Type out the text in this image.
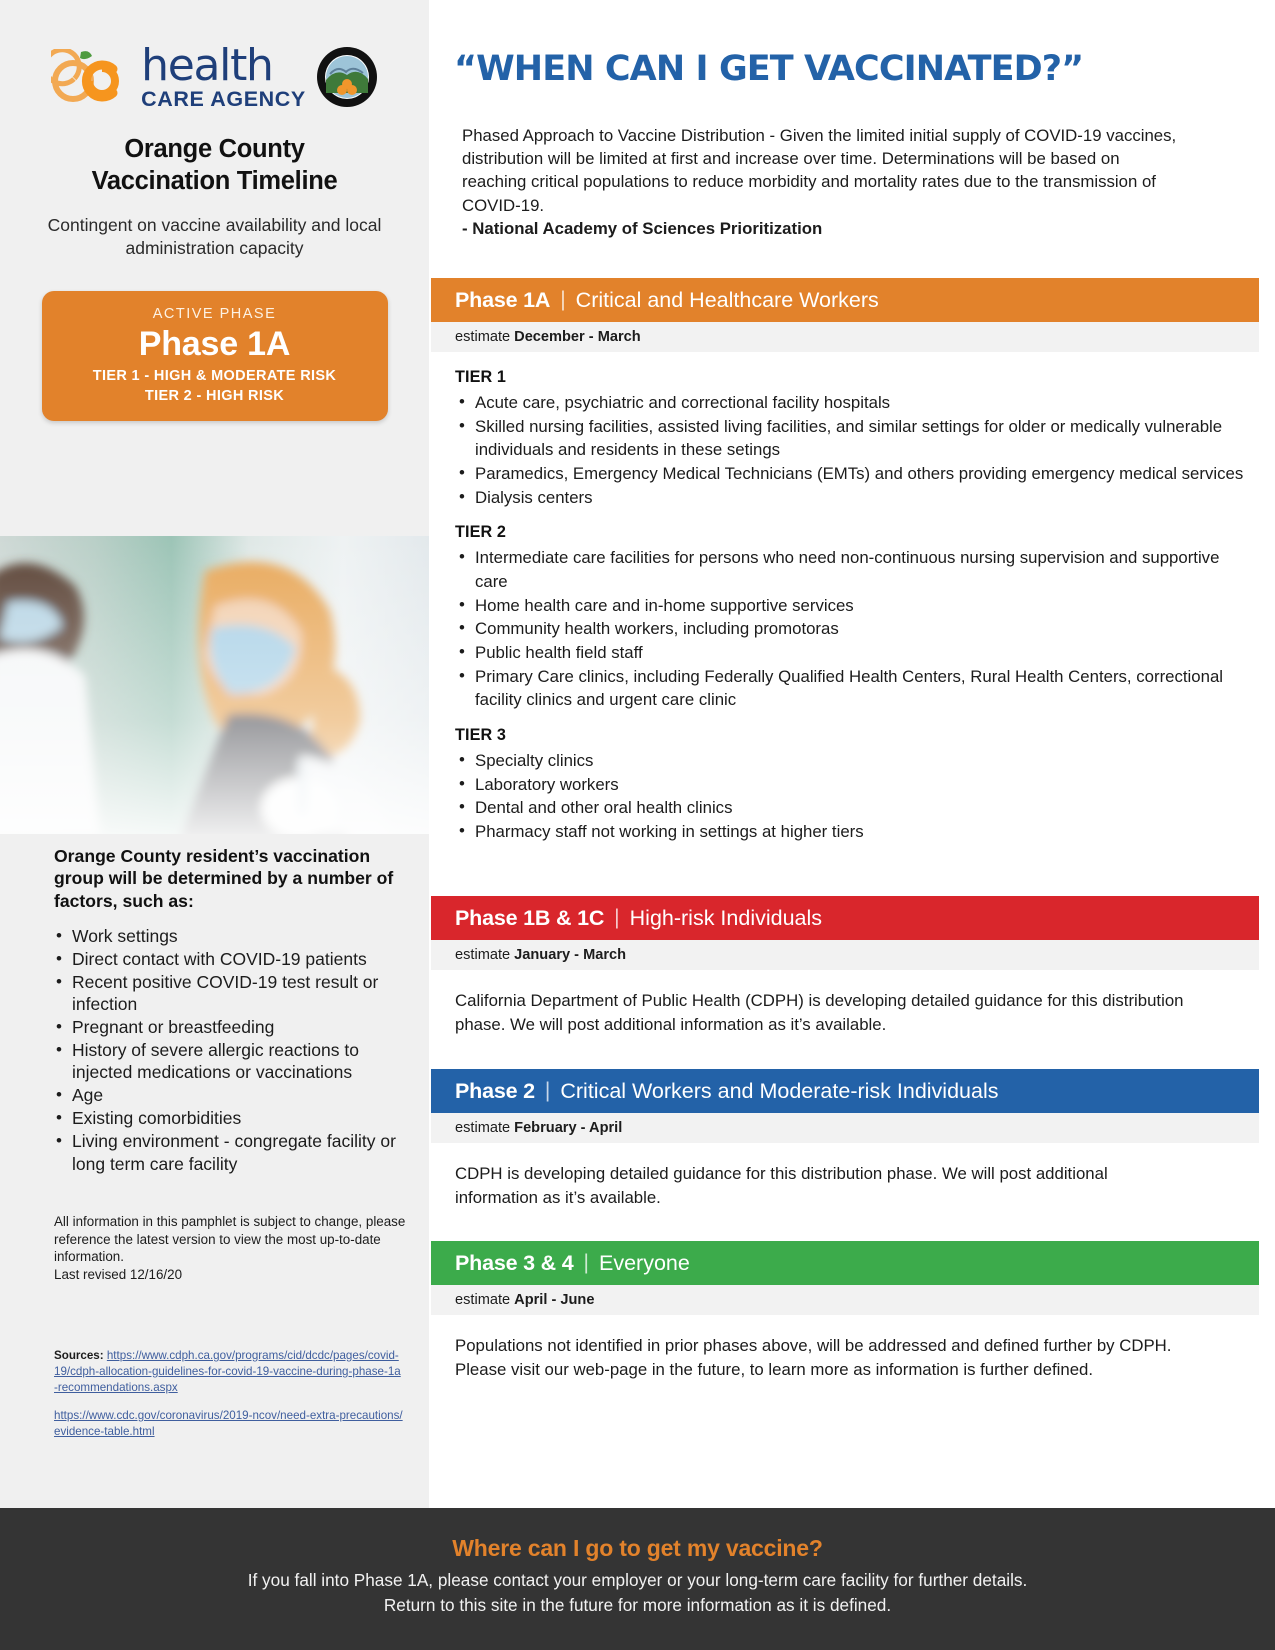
health
CARE AGENCY
Orange County
Vaccination Timeline
Contingent on vaccine availability and local administration capacity
ACTIVE PHASE
Phase 1A
TIER 1 - HIGH & MODERATE RISK
TIER 2 - HIGH RISK
Orange County resident’s vaccination group will be determined by a number of factors, such as:
• Work settings
• Direct contact with COVID-19 patients
• Recent positive COVID-19 test result or infection
• Pregnant or breastfeeding
• History of severe allergic reactions to injected medications or vaccinations
• Age
• Existing comorbidities
• Living environment - congregate facility or long term care facility
All information in this pamphlet is subject to change, please reference the latest version to view the most up-to-date information.
Last revised 12/16/20
Sources: https://www.cdph.ca.gov/programs/cid/dcdc/pages/covid-19/cdph-allocation-guidelines-for-covid-19-vaccine-during-phase-1a-recommendations.aspx
https://www.cdc.gov/coronavirus/2019-ncov/need-extra-precautions/evidence-table.html
“WHEN CAN I GET VACCINATED?”
Phased Approach to Vaccine Distribution - Given the limited initial supply of COVID-19 vaccines, distribution will be limited at first and increase over time. Determinations will be based on reaching critical populations to reduce morbidity and mortality rates due to the transmission of COVID-19.
- National Academy of Sciences Prioritization
Phase 1A | Critical and Healthcare Workers
estimate December - March
TIER 1
• Acute care, psychiatric and correctional facility hospitals
• Skilled nursing facilities, assisted living facilities, and similar settings for older or medically vulnerable individuals and residents in these setings
• Paramedics, Emergency Medical Technicians (EMTs) and others providing emergency medical services
• Dialysis centers
TIER 2
• Intermediate care facilities for persons who need non-continuous nursing supervision and supportive care
• Home health care and in-home supportive services
• Community health workers, including promotoras
• Public health field staff
• Primary Care clinics, including Federally Qualified Health Centers, Rural Health Centers, correctional facility clinics and urgent care clinic
TIER 3
• Specialty clinics
• Laboratory workers
• Dental and other oral health clinics
• Pharmacy staff not working in settings at higher tiers
Phase 1B & 1C | High-risk Individuals
estimate January - March
California Department of Public Health (CDPH) is developing detailed guidance for this distribution phase. We will post additional information as it’s available.
Phase 2 | Critical Workers and Moderate-risk Individuals
estimate February - April
CDPH is developing detailed guidance for this distribution phase. We will post additional information as it’s available.
Phase 3 & 4 | Everyone
estimate April - June
Populations not identified in prior phases above, will be addressed and defined further by CDPH. Please visit our web-page in the future, to learn more as information is further defined.
Where can I go to get my vaccine?
If you fall into Phase 1A, please contact your employer or your long-term care facility for further details.
Return to this site in the future for more information as it is defined.
